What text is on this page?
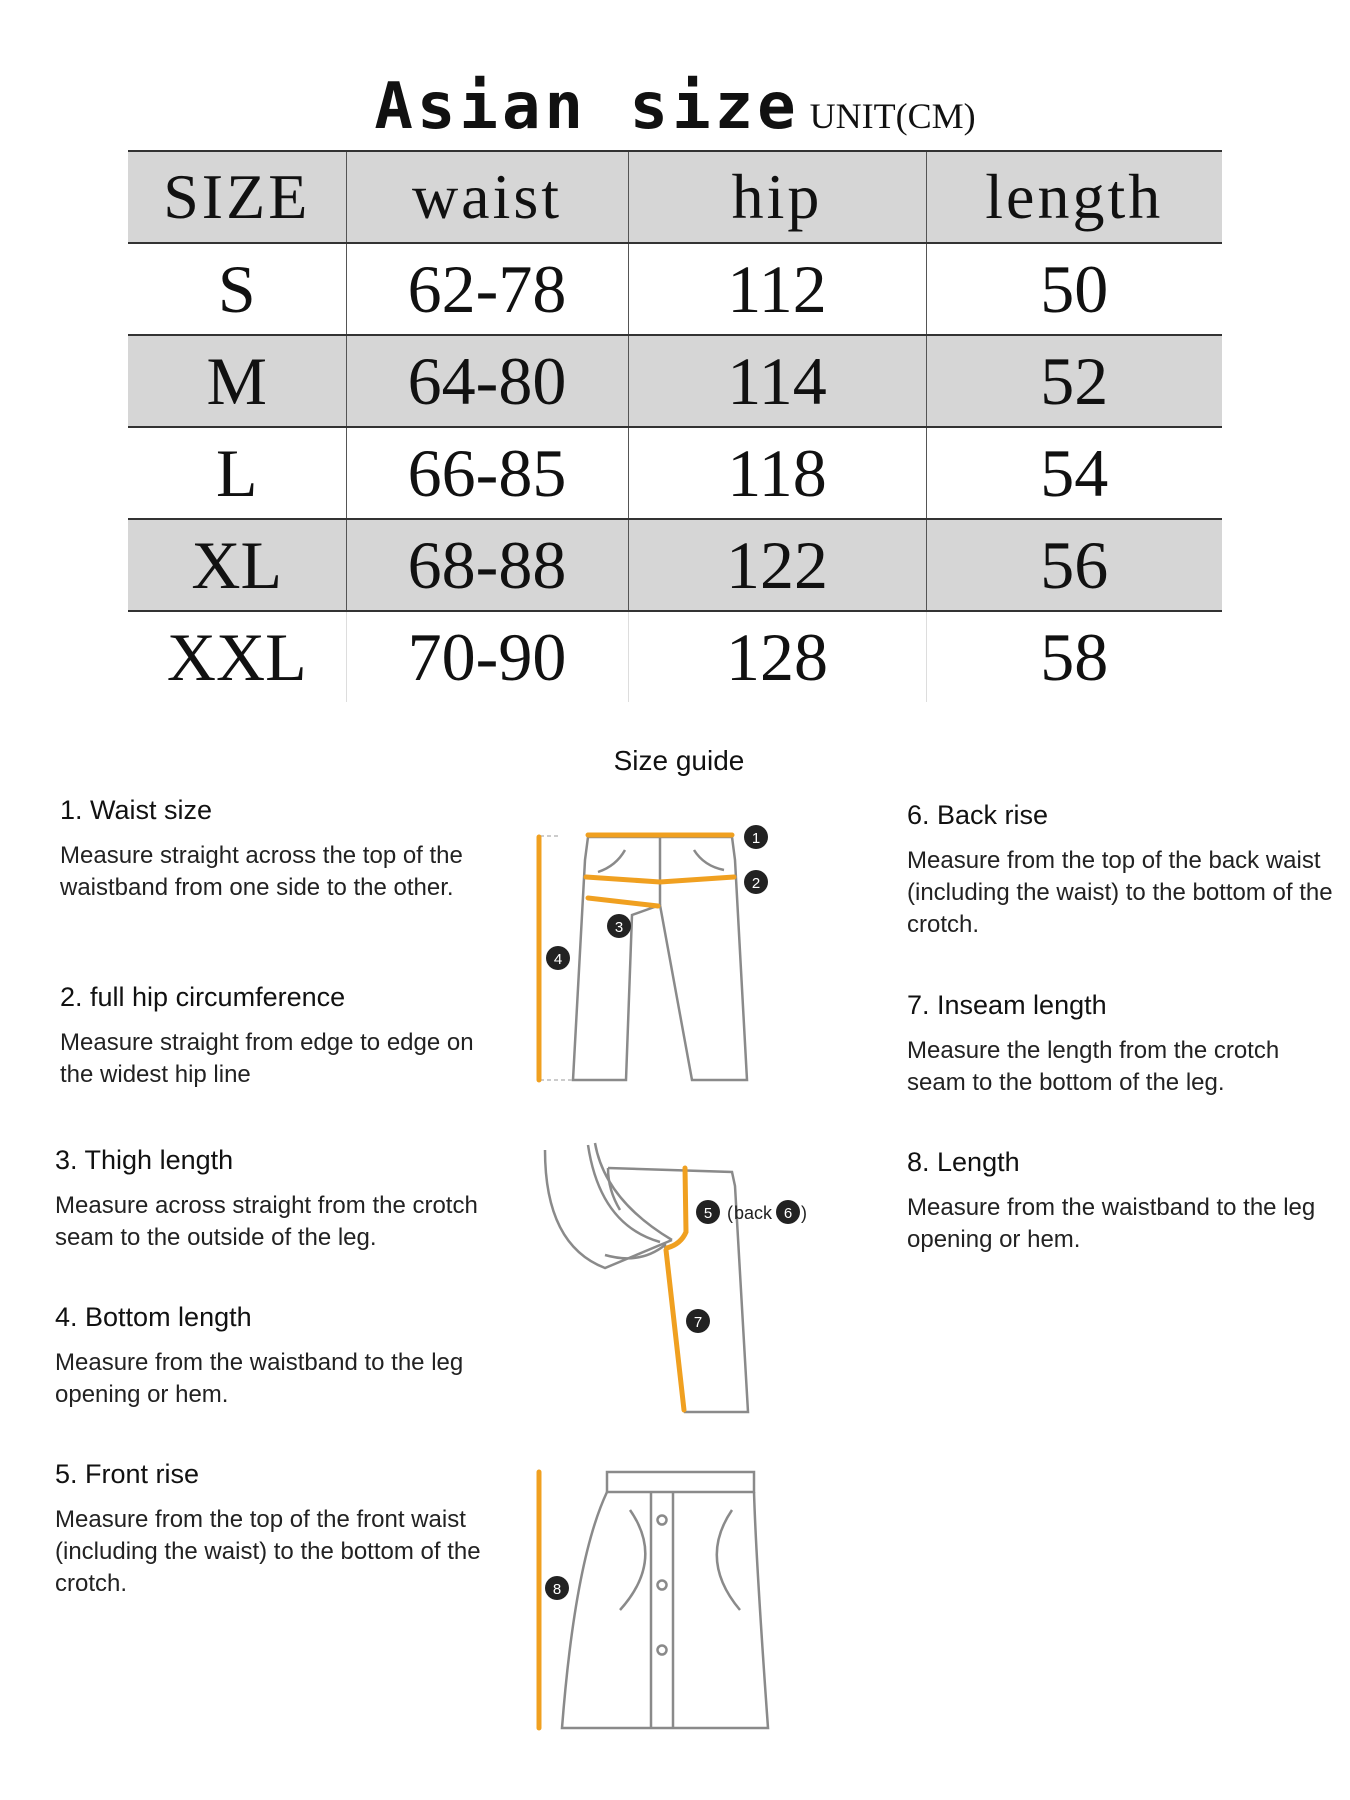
Asian size UNIT(CM)
SIZE	waist	hip	length
S	62-78	112	50
M	64-80	114	52
L	66-85	118	54
XL	68-88	122	56
XXL	70-90	128	58
Size guide
1. Waist size

Measure straight across the top of the waistband from one side to the other.

2. full hip circumference

Measure straight from edge to edge on the widest hip line

3. Thigh length

Measure across straight from the crotch seam to the outside of the leg.

4. Bottom length

Measure from the waistband to the leg opening or hem.

5. Front rise

Measure from the top of the front waist (including the waist) to the bottom of the crotch.

6. Back rise

Measure from the top of the back waist (including the waist) to the bottom of the crotch.

7. Inseam length

Measure the length from the crotch seam to the bottom of the leg.

8. Length

Measure from the waistband to the leg opening or hem.

1
2
3
4
5 ( back 6 )
7
8
